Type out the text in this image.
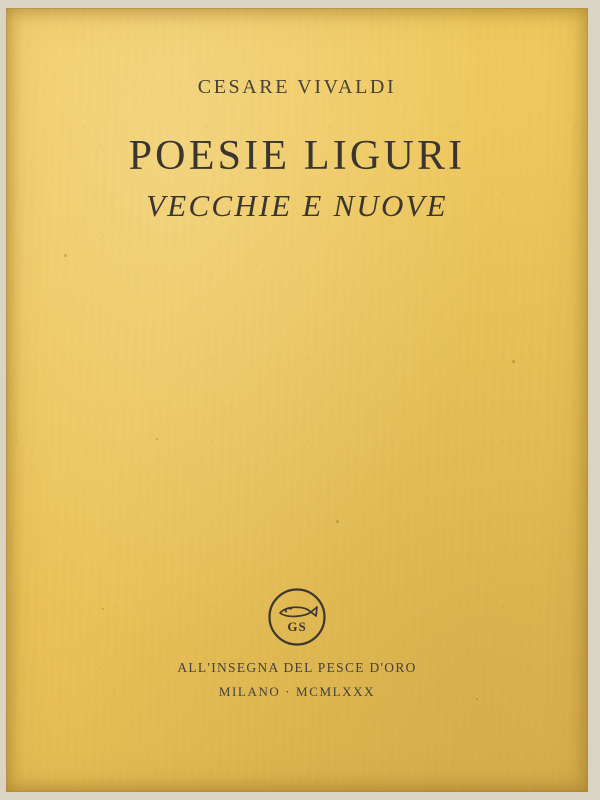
CESARE VIVALDI
POESIE LIGURI
VECCHIE E NUOVE
GS
ALL'INSEGNA DEL PESCE D'ORO
MILANO · MCMLXXX
